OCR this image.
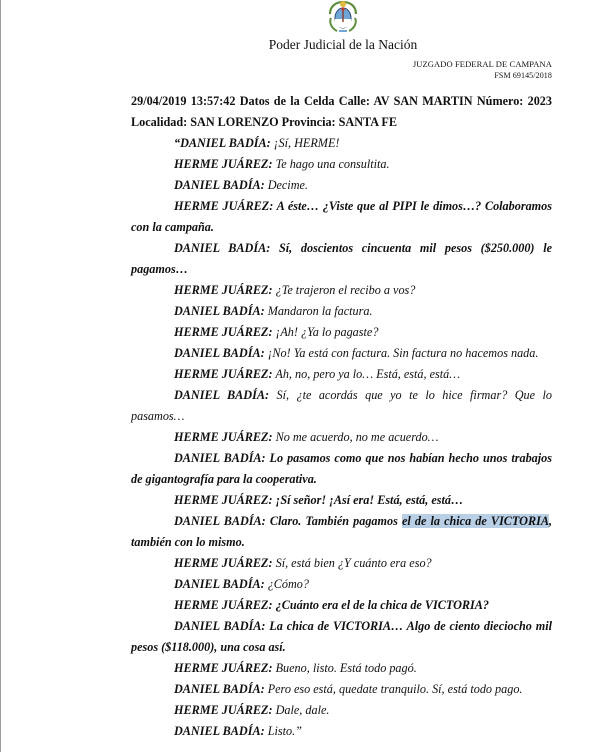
Poder Judicial de la Nación
JUZGADO FEDERAL DE CAMPANA
FSM 69145/2018
29/04/2019 13:57:42 Datos de la Celda Calle: AV SAN MARTIN Número: 2023
Localidad: SAN LORENZO Provincia: SANTA FE

“DANIEL BADÍA: ¡Sí, HERME!

HERME JUÁREZ: Te hago una consultita.

DANIEL BADÍA: Decime.

HERME JUÁREZ: A éste… ¿Viste que al PIPI le dimos…? Colaboramos con la campaña.

DANIEL BADÍA: Sí, doscientos cincuenta mil pesos ($250.000) le pagamos…

HERME JUÁREZ: ¿Te trajeron el recibo a vos?

DANIEL BADÍA: Mandaron la factura.

HERME JUÁREZ: ¡Ah! ¿Ya lo pagaste?

DANIEL BADÍA: ¡No! Ya está con factura. Sin factura no hacemos nada.

HERME JUÁREZ: Ah, no, pero ya lo… Está, está, está…

DANIEL BADÍA: Sí, ¿te acordás que yo te lo hice firmar? Que lo pasamos…

HERME JUÁREZ: No me acuerdo, no me acuerdo…

DANIEL BADÍA: Lo pasamos como que nos habían hecho unos trabajos de gigantografía para la cooperativa.

HERME JUÁREZ: ¡Sí señor! ¡Así era! Está, está, está…

DANIEL BADÍA: Claro. También pagamos el de la chica de VICTORIA, también con lo mismo.

HERME JUÁREZ: Sí, está bien ¿Y cuánto era eso?

DANIEL BADÍA: ¿Cómo?

HERME JUÁREZ: ¿Cuánto era el de la chica de VICTORIA?

DANIEL BADÍA: La chica de VICTORIA… Algo de ciento dieciocho mil pesos ($118.000), una cosa así.

HERME JUÁREZ: Bueno, listo. Está todo pagó.

DANIEL BADÍA: Pero eso está, quedate tranquilo. Sí, está todo pago.

HERME JUÁREZ: Dale, dale.

DANIEL BADÍA: Listo.”
